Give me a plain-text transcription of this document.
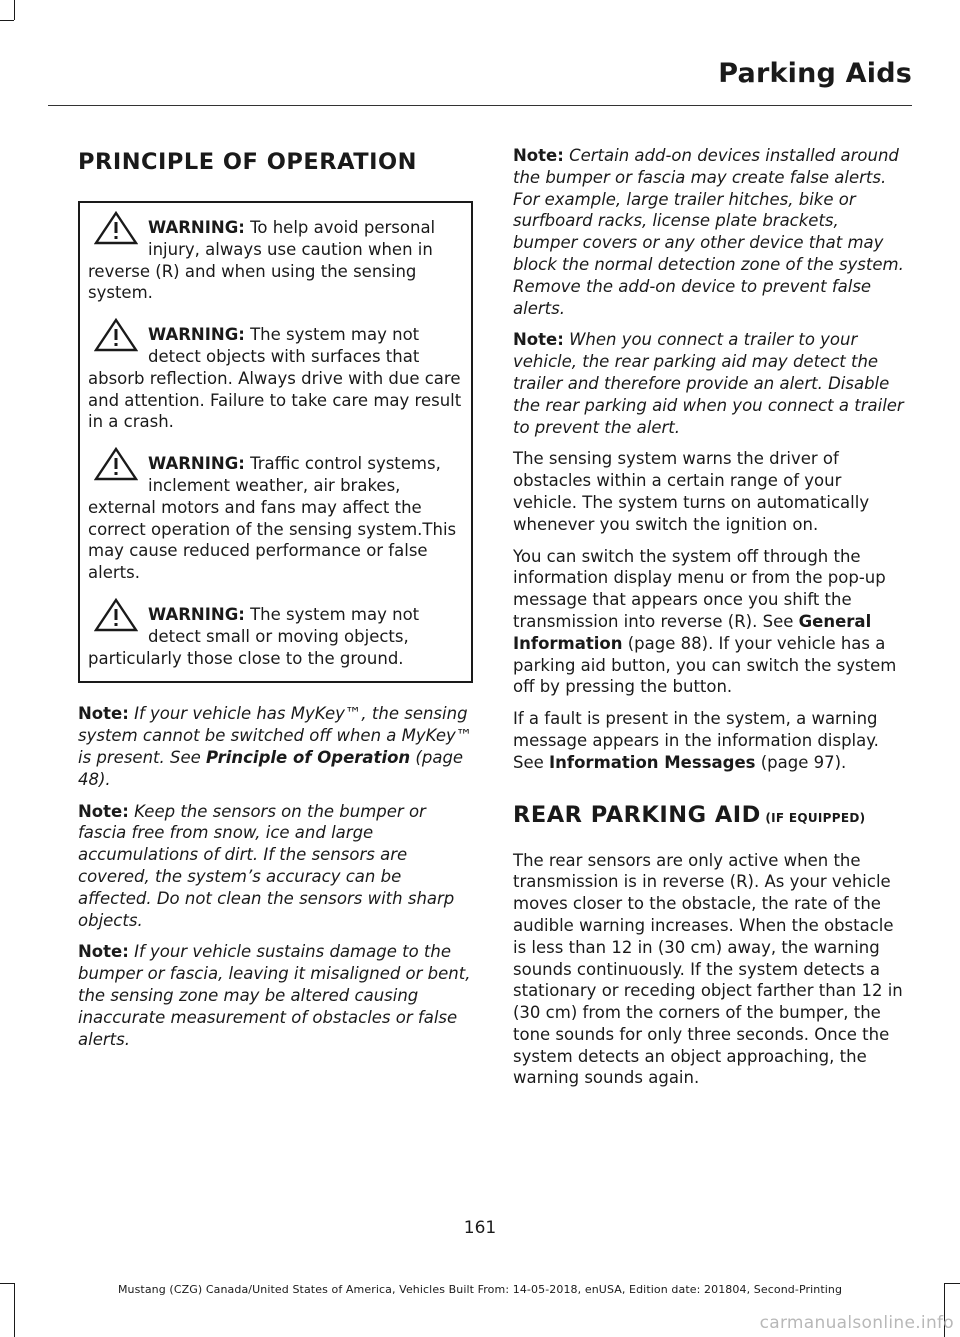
Parking Aids
PRINCIPLE OF OPERATION
WARNING: To help avoid personal injury, always use caution when in reverse (R) and when using the sensing system.
WARNING: The system may not detect objects with surfaces that absorb reflection. Always drive with due care and attention. Failure to take care may result in a crash.
WARNING: Traffic control systems, inclement weather, air brakes, external motors and fans may affect the correct operation of the sensing system.This may cause reduced performance or false alerts.
WARNING: The system may not detect small or moving objects, particularly those close to the ground.

Note: If your vehicle has MyKey™, the sensing system cannot be switched off when a MyKey™ is present. See Principle of Operation (page 48).

Note: Keep the sensors on the bumper or fascia free from snow, ice and large accumulations of dirt. If the sensors are covered, the system’s accuracy can be affected. Do not clean the sensors with sharp objects.

Note: If your vehicle sustains damage to the bumper or fascia, leaving it misaligned or bent, the sensing zone may be altered causing inaccurate measurement of obstacles or false alerts.

Note: Certain add-on devices installed around the bumper or fascia may create false alerts. For example, large trailer hitches, bike or surfboard racks, license plate brackets, bumper covers or any other device that may block the normal detection zone of the system. Remove the add-on device to prevent false alerts.

Note: When you connect a trailer to your vehicle, the rear parking aid may detect the trailer and therefore provide an alert. Disable the rear parking aid when you connect a trailer to prevent the alert.

The sensing system warns the driver of obstacles within a certain range of your vehicle. The system turns on automatically whenever you switch the ignition on.

You can switch the system off through the information display menu or from the pop-up message that appears once you shift the transmission into reverse (R). See General Information (page 88). If your vehicle has a parking aid button, you can switch the system off by pressing the button.

If a fault is present in the system, a warning message appears in the information display. See Information Messages (page 97).

REAR PARKING AID (IF EQUIPPED)

The rear sensors are only active when the transmission is in reverse (R). As your vehicle moves closer to the obstacle, the rate of the audible warning increases. When the obstacle is less than 12 in (30 cm) away, the warning sounds continuously. If the system detects a stationary or receding object farther than 12 in (30 cm) from the corners of the bumper, the tone sounds for only three seconds. Once the system detects an object approaching, the warning sounds again.

161
Mustang (CZG) Canada/United States of America, Vehicles Built From: 14-05-2018, enUSA, Edition date: 201804, Second-Printing
carmanualsonline.info
